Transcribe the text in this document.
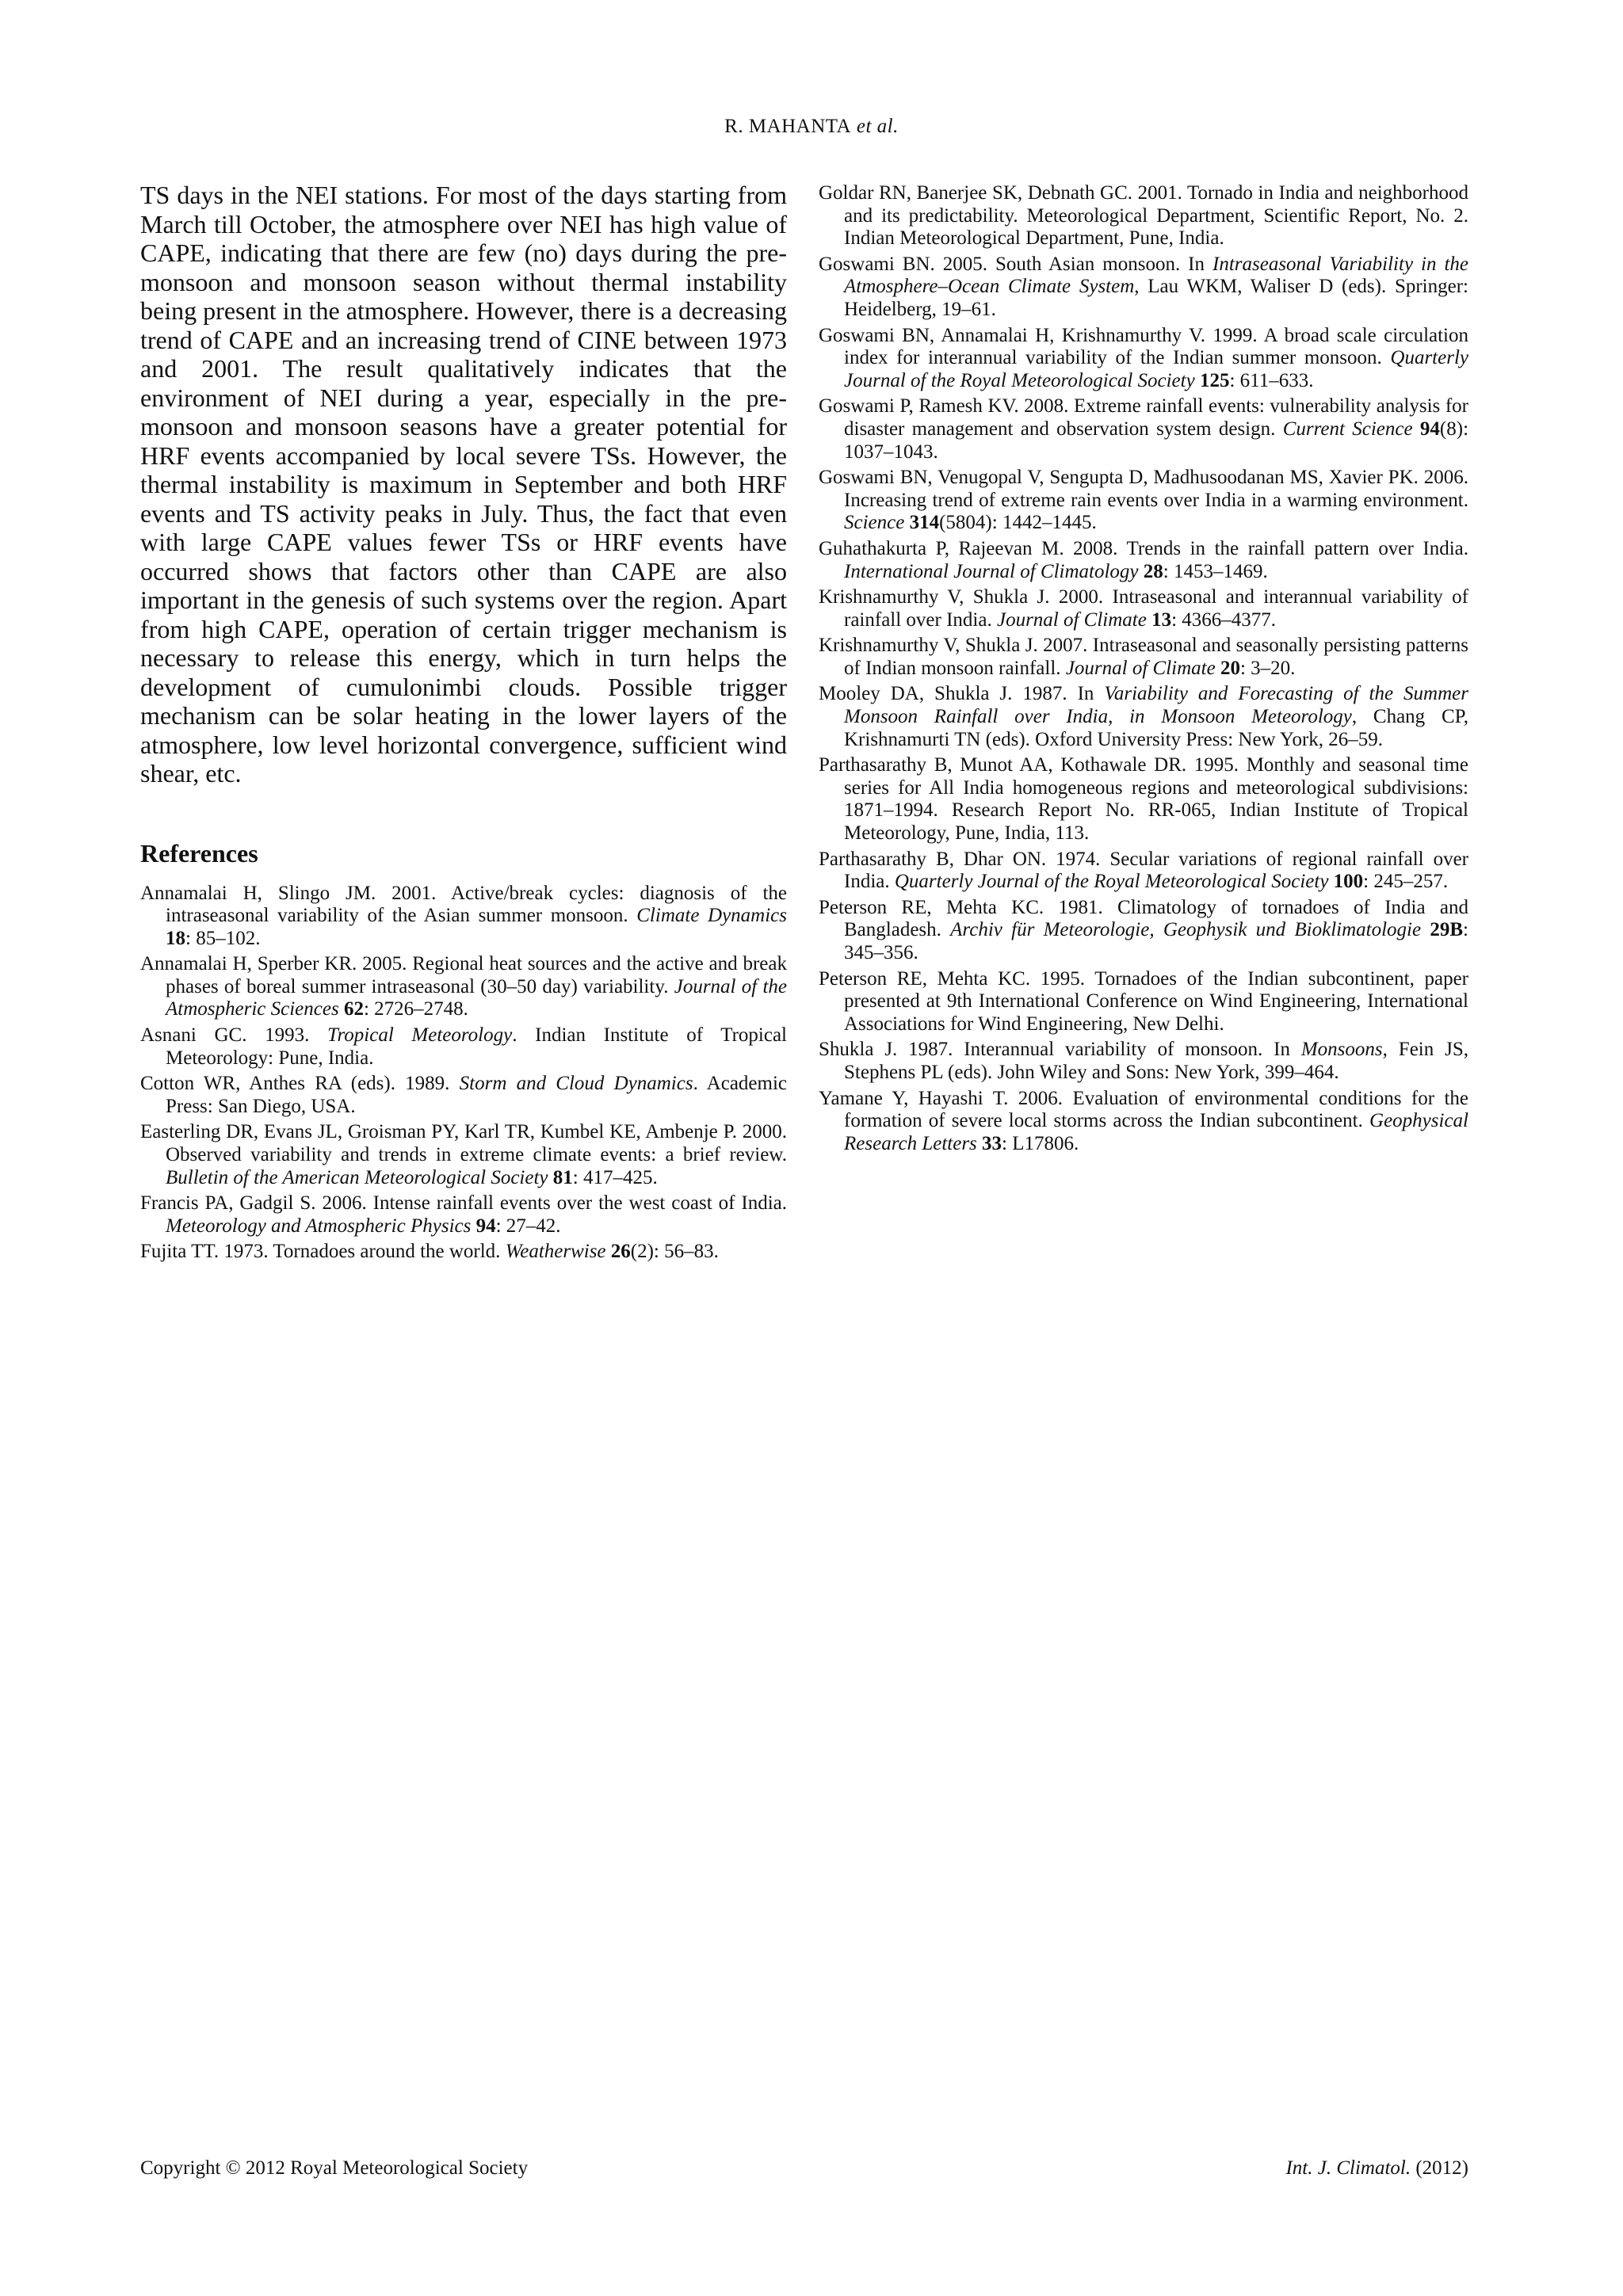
R. MAHANTA et al.

TS days in the NEI stations. For most of the days starting from March till October, the atmosphere over NEI has high value of CAPE, indicating that there are few (no) days during the pre-monsoon and monsoon season without thermal instability being present in the atmosphere. However, there is a decreasing trend of CAPE and an increasing trend of CINE between 1973 and 2001. The result qualitatively indicates that the environment of NEI during a year, especially in the pre-monsoon and monsoon seasons have a greater potential for HRF events accompanied by local severe TSs. However, the thermal instability is maximum in September and both HRF events and TS activity peaks in July. Thus, the fact that even with large CAPE values fewer TSs or HRF events have occurred shows that factors other than CAPE are also important in the genesis of such systems over the region. Apart from high CAPE, operation of certain trigger mechanism is necessary to release this energy, which in turn helps the development of cumulonimbi clouds. Possible trigger mechanism can be solar heating in the lower layers of the atmosphere, low level horizontal convergence, sufficient wind shear, etc.

References
Annamalai H, Slingo JM. 2001. Active/break cycles: diagnosis of the intraseasonal variability of the Asian summer monsoon. Climate Dynamics 18: 85–102.
Annamalai H, Sperber KR. 2005. Regional heat sources and the active and break phases of boreal summer intraseasonal (30–50 day) variability. Journal of the Atmospheric Sciences 62: 2726–2748.
Asnani GC. 1993. Tropical Meteorology. Indian Institute of Tropical Meteorology: Pune, India.
Cotton WR, Anthes RA (eds). 1989. Storm and Cloud Dynamics. Academic Press: San Diego, USA.
Easterling DR, Evans JL, Groisman PY, Karl TR, Kumbel KE, Ambenje P. 2000. Observed variability and trends in extreme climate events: a brief review. Bulletin of the American Meteorological Society 81: 417–425.
Francis PA, Gadgil S. 2006. Intense rainfall events over the west coast of India. Meteorology and Atmospheric Physics 94: 27–42.
Fujita TT. 1973. Tornadoes around the world. Weatherwise 26(2): 56–83.
Goldar RN, Banerjee SK, Debnath GC. 2001. Tornado in India and neighborhood and its predictability. Meteorological Department, Scientific Report, No. 2. Indian Meteorological Department, Pune, India.
Goswami BN. 2005. South Asian monsoon. In Intraseasonal Variability in the Atmosphere–Ocean Climate System, Lau WKM, Waliser D (eds). Springer: Heidelberg, 19–61.
Goswami BN, Annamalai H, Krishnamurthy V. 1999. A broad scale circulation index for interannual variability of the Indian summer monsoon. Quarterly Journal of the Royal Meteorological Society 125: 611–633.
Goswami P, Ramesh KV. 2008. Extreme rainfall events: vulnerability analysis for disaster management and observation system design. Current Science 94(8): 1037–1043.
Goswami BN, Venugopal V, Sengupta D, Madhusoodanan MS, Xavier PK. 2006. Increasing trend of extreme rain events over India in a warming environment. Science 314(5804): 1442–1445.
Guhathakurta P, Rajeevan M. 2008. Trends in the rainfall pattern over India. International Journal of Climatology 28: 1453–1469.
Krishnamurthy V, Shukla J. 2000. Intraseasonal and interannual variability of rainfall over India. Journal of Climate 13: 4366–4377.
Krishnamurthy V, Shukla J. 2007. Intraseasonal and seasonally persisting patterns of Indian monsoon rainfall. Journal of Climate 20: 3–20.
Mooley DA, Shukla J. 1987. In Variability and Forecasting of the Summer Monsoon Rainfall over India, in Monsoon Meteorology, Chang CP, Krishnamurti TN (eds). Oxford University Press: New York, 26–59.
Parthasarathy B, Munot AA, Kothawale DR. 1995. Monthly and seasonal time series for All India homogeneous regions and meteorological subdivisions: 1871–1994. Research Report No. RR-065, Indian Institute of Tropical Meteorology, Pune, India, 113.
Parthasarathy B, Dhar ON. 1974. Secular variations of regional rainfall over India. Quarterly Journal of the Royal Meteorological Society 100: 245–257.
Peterson RE, Mehta KC. 1981. Climatology of tornadoes of India and Bangladesh. Archiv für Meteorologie, Geophysik und Bioklimatologie 29B: 345–356.
Peterson RE, Mehta KC. 1995. Tornadoes of the Indian subcontinent, paper presented at 9th International Conference on Wind Engineering, International Associations for Wind Engineering, New Delhi.
Shukla J. 1987. Interannual variability of monsoon. In Monsoons, Fein JS, Stephens PL (eds). John Wiley and Sons: New York, 399–464.
Yamane Y, Hayashi T. 2006. Evaluation of environmental conditions for the formation of severe local storms across the Indian subcontinent. Geophysical Research Letters 33: L17806.
Copyright © 2012 Royal Meteorological Society	Int. J. Climatol. (2012)
